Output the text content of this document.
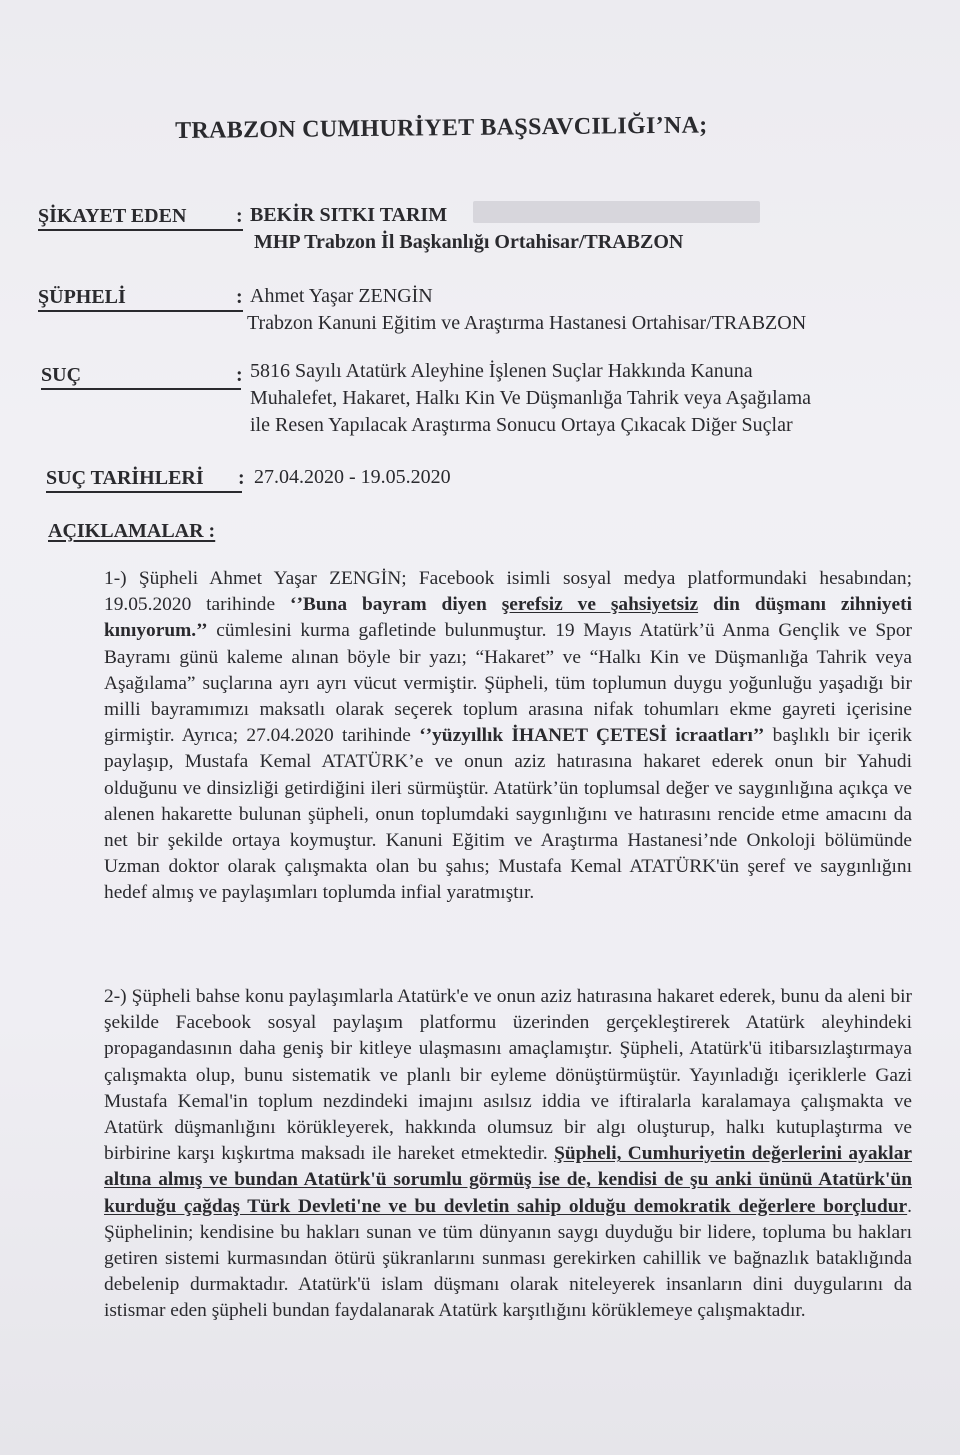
TRABZON CUMHURİYET BAŞSAVCILIĞI’NA;
ŞİKAYET EDEN : BEKİR SITKI TARIM
MHP Trabzon İl Başkanlığı Ortahisar/TRABZON
ŞÜPHELİ	: Ahmet Yaşar ZENGİN
Trabzon Kanuni Eğitim ve Araştırma Hastanesi Ortahisar/TRABZON
SUÇ	: 5816 Sayılı Atatürk Aleyhine İşlenen Suçlar Hakkında Kanuna
Muhalefet, Hakaret, Halkı Kin Ve Düşmanlığa Tahrik veya Aşağılama
ile Resen Yapılacak Araştırma Sonucu Ortaya Çıkacak Diğer Suçlar
SUÇ TARİHLERİ : 27.04.2020 - 19.05.2020
AÇIKLAMALAR :

1-) Şüpheli Ahmet Yaşar ZENGİN; Facebook isimli sosyal medya platformundaki hesabından; 19.05.2020 tarihinde ‘’Buna bayram diyen şerefsiz ve şahsiyetsiz din düşmanı zihniyeti kınıyorum.’’ cümlesini kurma gafletinde bulunmuştur. 19 Mayıs Atatürk’ü Anma Gençlik ve Spor Bayramı günü kaleme alınan böyle bir yazı; “Hakaret” ve “Halkı Kin ve Düşmanlığa Tahrik veya Aşağılama” suçlarına ayrı ayrı vücut vermiştir. Şüpheli, tüm toplumun duygu yoğunluğu yaşadığı bir milli bayramımızı maksatlı olarak seçerek toplum arasına nifak tohumları ekme gayreti içerisine girmiştir. Ayrıca; 27.04.2020 tarihinde ‘’yüzyıllık İHANET ÇETESİ icraatları’’ başlıklı bir içerik paylaşıp, Mustafa Kemal ATATÜRK’e ve onun aziz hatırasına hakaret ederek onun bir Yahudi olduğunu ve dinsizliği getirdiğini ileri sürmüştür. Atatürk’ün toplumsal değer ve saygınlığına açıkça ve alenen hakarette bulunan şüpheli, onun toplumdaki saygınlığını ve hatırasını rencide etme amacını da net bir şekilde ortaya koymuştur. Kanuni Eğitim ve Araştırma Hastanesi’nde Onkoloji bölümünde Uzman doktor olarak çalışmakta olan bu şahıs; Mustafa Kemal ATATÜRK'ün şeref ve saygınlığını hedef almış ve paylaşımları toplumda infial yaratmıştır.

2-) Şüpheli bahse konu paylaşımlarla Atatürk'e ve onun aziz hatırasına hakaret ederek, bunu da aleni bir şekilde Facebook sosyal paylaşım platformu üzerinden gerçekleştirerek Atatürk aleyhindeki propagandasının daha geniş bir kitleye ulaşmasını amaçlamıştır. Şüpheli, Atatürk'ü itibarsızlaştırmaya çalışmakta olup, bunu sistematik ve planlı bir eyleme dönüştürmüştür. Yayınladığı içeriklerle Gazi Mustafa Kemal'in toplum nezdindeki imajını asılsız iddia ve iftiralarla karalamaya çalışmakta ve Atatürk düşmanlığını körükleyerek, hakkında olumsuz bir algı oluşturup, halkı kutuplaştırma ve birbirine karşı kışkırtma maksadı ile hareket etmektedir. Şüpheli, Cumhuriyetin değerlerini ayaklar altına almış ve bundan Atatürk'ü sorumlu görmüş ise de, kendisi de şu anki ününü Atatürk'ün kurduğu çağdaş Türk Devleti'ne ve bu devletin sahip olduğu demokratik değerlere borçludur. Şüphelinin; kendisine bu hakları sunan ve tüm dünyanın saygı duyduğu bir lidere, topluma bu hakları getiren sistemi kurmasından ötürü şükranlarını sunması gerekirken cahillik ve bağnazlık bataklığında debelenip durmaktadır. Atatürk'ü islam düşmanı olarak niteleyerek insanların dini duygularını da istismar eden şüpheli bundan faydalanarak Atatürk karşıtlığını körüklemeye çalışmaktadır.
